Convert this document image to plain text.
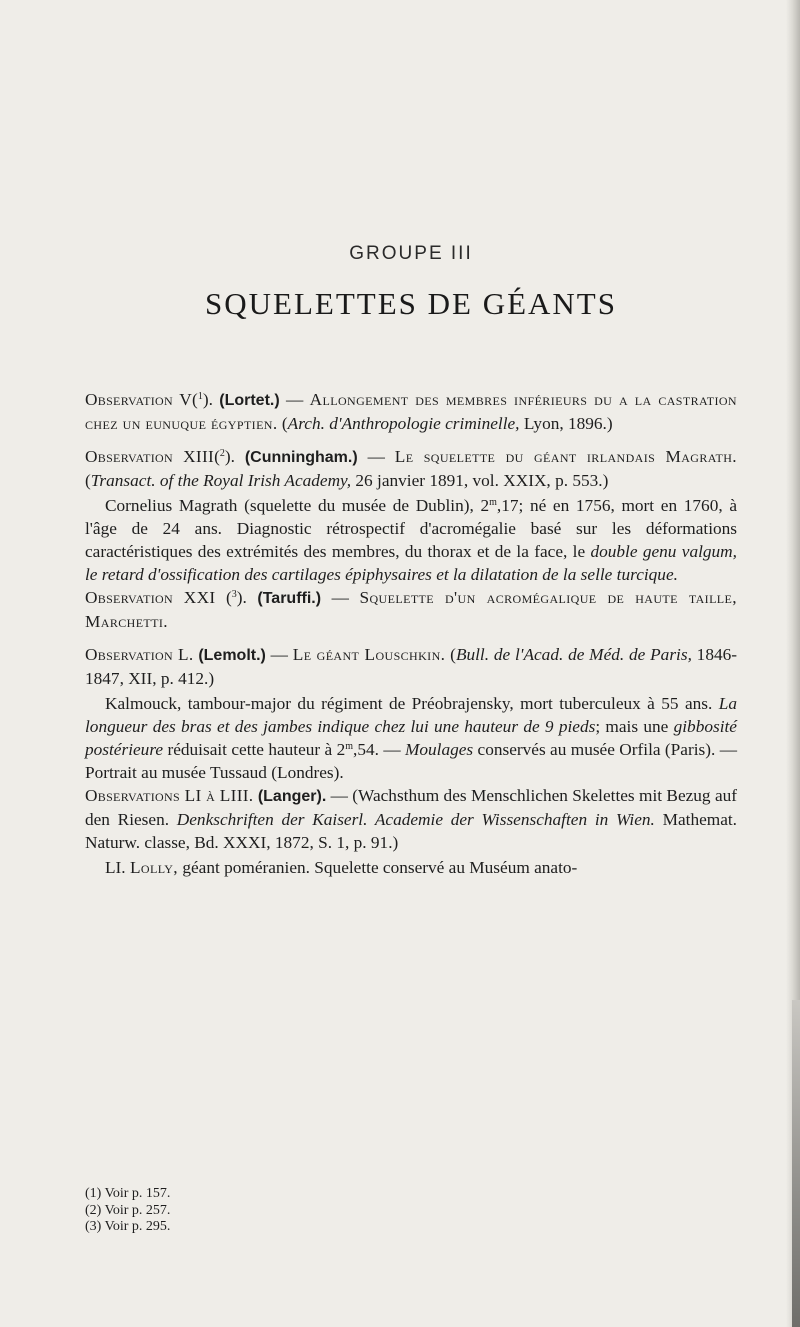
GROUPE III
SQUELETTES DE GÉANTS

Observation V($^1$). (Lortet.) — Allongement des membres inférieurs du a la castration chez un eunuque égyptien. (Arch. d'Anthropologie criminelle, Lyon, 1896.)

Observation XIII($^2$). (Cunningham.) — Le squelette du géant irlandais Magrath. (Transact. of the Royal Irish Academy, 26 janvier 1891, vol. XXIX, p. 553.)

Cornelius Magrath (squelette du musée de Dublin), 2$^m$,17; né en 1756, mort en 1760, à l'âge de 24 ans. Diagnostic rétrospectif d'acromégalie basé sur les déformations caractéristiques des extrémités des membres, du thorax et de la face, le double genu valgum, le retard d'ossification des cartilages épiphysaires et la dilatation de la selle turcique.

Observation XXI ($^3$). (Taruffi.) — Squelette d'un acromégalique de haute taille, Marchetti.

Observation L. (Lemolt.) — Le géant Louschkin. (Bull. de l'Acad. de Méd. de Paris, 1846-1847, XII, p. 412.)

Kalmouck, tambour-major du régiment de Préobrajensky, mort tuberculeux à 55 ans. La longueur des bras et des jambes indique chez lui une hauteur de 9 pieds; mais une gibbosité postérieure réduisait cette hauteur à 2$^m$,54. — Moulages conservés au musée Orfila (Paris). — Portrait au musée Tussaud (Londres).

Observations LI à LIII. (Langer). — (Wachsthum des Menschlichen Skelettes mit Bezug auf den Riesen. Denkschriften der Kaiserl. Academie der Wissenschaften in Wien. Mathemat. Naturw. classe, Bd. XXXI, 1872, S. 1, p. 91.)

LI. Lolly, géant poméranien. Squelette conservé au Muséum anato-

(1) Voir p. 157.

(2) Voir p. 257.

(3) Voir p. 295.
